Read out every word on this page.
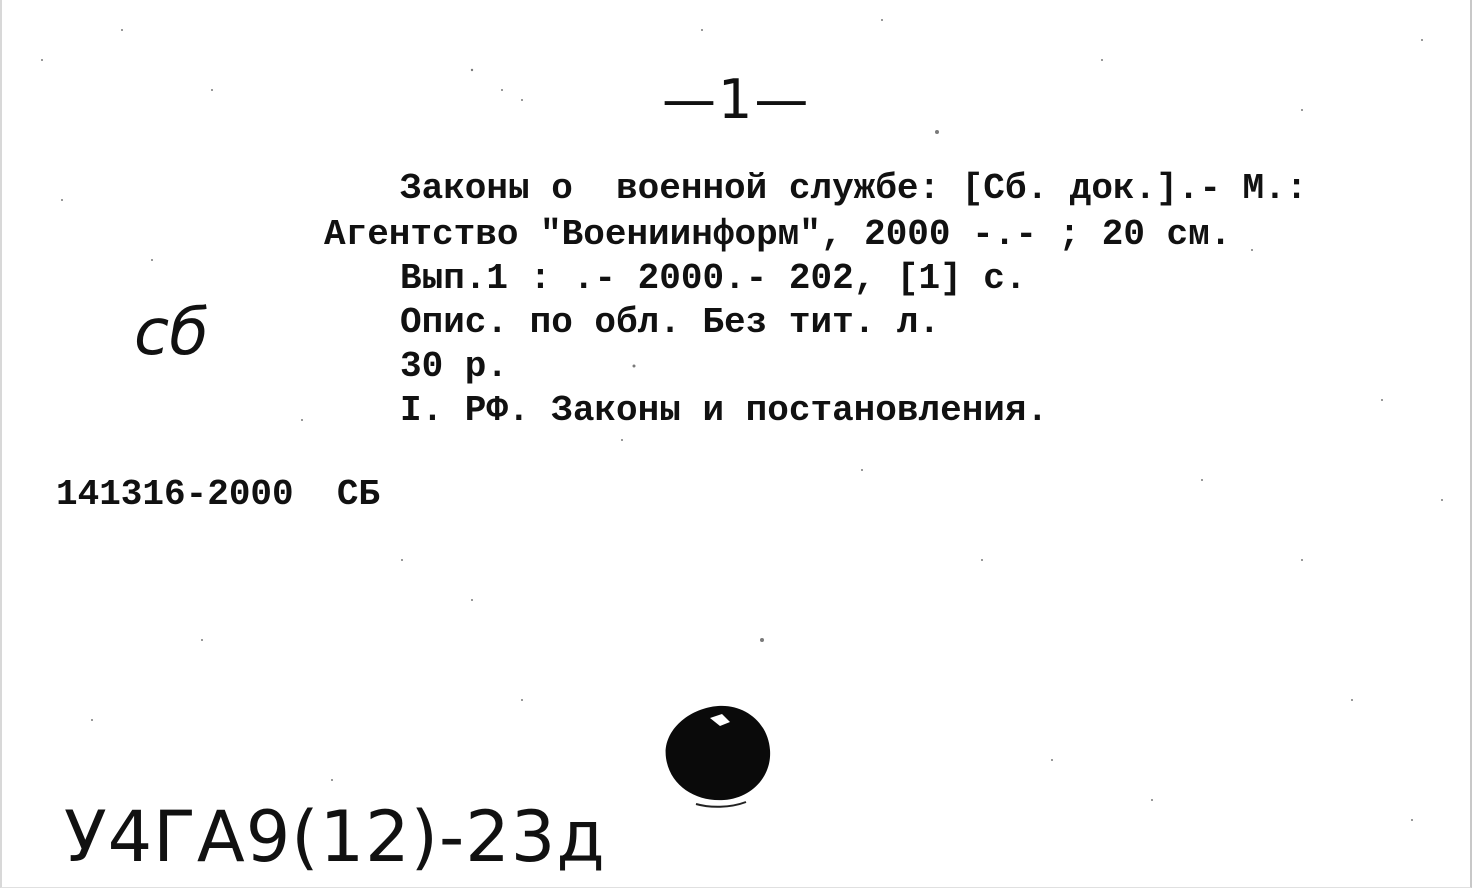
—1—

Законы о  военной службе: [Сб. док.].- М.:

Агентство "Воениинформ", 2000 -.- ; 20 см.

Вып.1 : .- 2000.- 202, [1] с.

Опис. по обл. Без тит. л.

30 р.

I. РФ. Законы и постановления.

сб

141316-2000  СБ

У4ГА9(12)-23д
